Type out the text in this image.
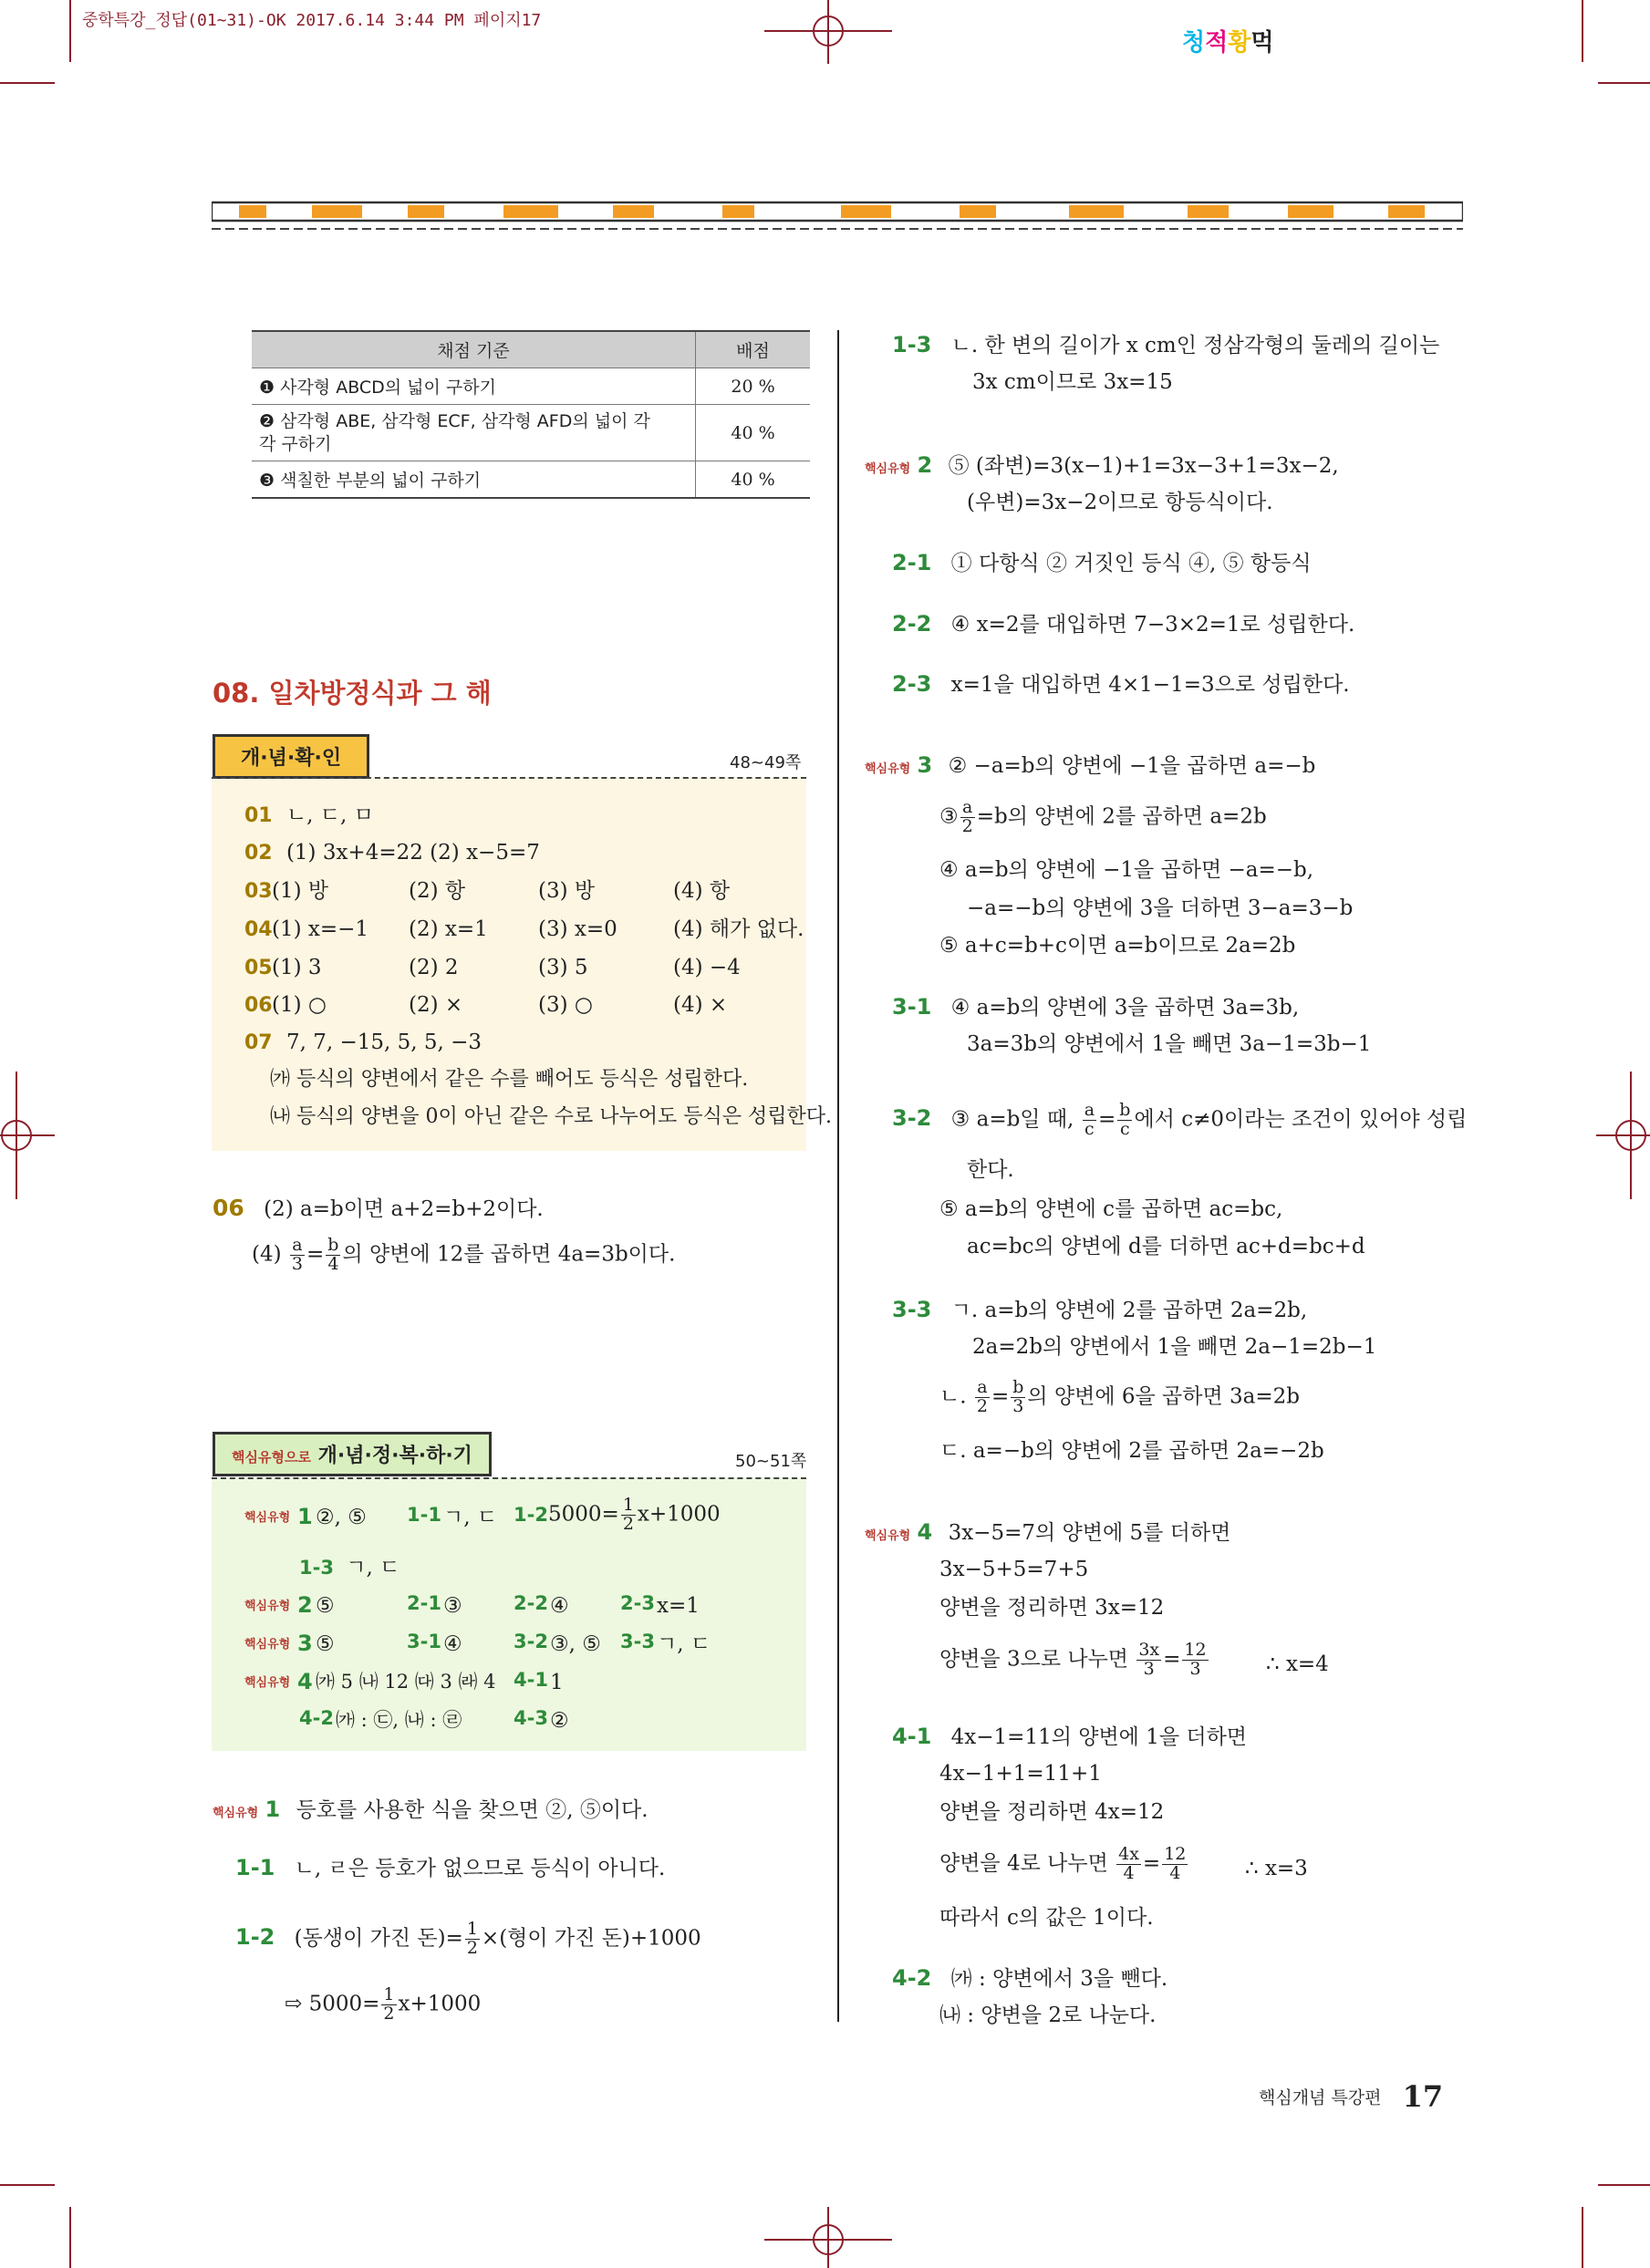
중학특강_정답(01~31)-OK 2017.6.14 3:44 PM 페이지17
청적황먹
채점 기준	배점
❶ 사각형 ABCD의 넓이 구하기	20 %
❷ 삼각형 ABE, 삼각형 ECF, 삼각형 AFD의 넓이 각
각 구하기	40 %
❸ 색칠한 부분의 넓이 구하기	40 %
08. 일차방정식과 그 해
개·념·확·인	48~49쪽
01 ㄴ, ㄷ, ㅁ
02 (1) 3x+4=22 (2) x−5=7
03 (1) 방	(2) 항	(3) 방	(4) 항
04 (1) x=−1 (2) x=1 (3) x=0	(4) 해가 없다.
05 (1) 3	(2) 2	(3) 5	(4) −4
06 (1) ○	(2) ×	(3) ○	(4) ×
07 7, 7, −15, 5, 5, −3
㈎ 등식의 양변에서 같은 수를 빼어도 등식은 성립한다.
㈏ 등식의 양변을 0이 아닌 같은 수로 나누어도 등식은 성립한다.
06 (2) a=b이면 a+2=b+2이다.
$(4) \frac{a}{3} = \frac{b}{4}$ 의 양변에 12를 곱하면 4a=3b이다.
핵심유형으로 개·념·정·복·하·기	50~51쪽
핵심유형 1 ②, ⑤ 1-1 ㄱ, ㄷ 1-2 $5000= \frac{1}{2} x+1000$
1-3 ㄱ, ㄷ
핵심유형 2 ⑤	2-1 ③	2-2 ④	2-3 x=1
핵심유형 3 ⑤	3-1 ④	3-2 ③, ⑤ 3-3 ㄱ, ㄷ
핵심유형 4 ㈎ 5 ㈏ 12 ㈐ 3 ㈑ 4 4-1 1
4-2 ㈎ : ㉢, ㈏ : ㉣	4-3 ②
핵심유형 1 등호를 사용한 식을 찾으면 ②, ⑤이다.
1-1 ㄴ, ㄹ은 등호가 없으므로 등식이 아니다.
1-2 (동생이 가진 돈)= $\frac{1}{2}$ ×(형이 가진 돈)+1000
⇨ $5000= \frac{1}{2} x+1000$
1-3 ㄴ. 한 변의 길이가 x cm인 정삼각형의 둘레의 길이는
3x cm이므로 3x=15
핵심유형 2 ⑤ (좌변)=3(x−1)+1=3x−3+1=3x−2,
(우변)=3x−2이므로 항등식이다.
2-1 ① 다항식 ② 거짓인 등식 ④, ⑤ 항등식
2-2 ④ x=2를 대입하면 7−3×2=1로 성립한다.
2-3 x=1을 대입하면 4×1−1=3으로 성립한다.
핵심유형 3 ② −a=b의 양변에 −1을 곱하면 a=−b
③ $\frac{a}{2} =b$의 양변에 2를 곱하면 a=2b
④ a=b의 양변에 −1을 곱하면 −a=−b,
−a=−b의 양변에 3을 더하면 3−a=3−b
⑤ a+c=b+c이면 a=b이므로 2a=2b
3-1 ④ a=b의 양변에 3을 곱하면 3a=3b,
3a=3b의 양변에서 1을 빼면 3a−1=3b−1
3-2 ③ a=b일 때, $\frac{a}{c} = \frac{b}{c}$ 에서 c≠0이라는 조건이 있어야 성립
한다.
⑤ a=b의 양변에 c를 곱하면 ac=bc,
ac=bc의 양변에 d를 더하면 ac+d=bc+d
3-3 ㄱ. a=b의 양변에 2를 곱하면 2a=2b,
2a=2b의 양변에서 1을 빼면 2a−1=2b−1
ㄴ. $\frac{a}{2} = \frac{b}{3}$ 의 양변에 6을 곱하면 3a=2b
ㄷ. a=−b의 양변에 2를 곱하면 2a=−2b
핵심유형 4 3x−5=7의 양변에 5를 더하면
3x−5+5=7+5
양변을 정리하면 3x=12
양변을 3으로 나누면 $\frac{3x}{3} = \frac{12}{3}$	∴ x=4
4-1 4x−1=11의 양변에 1을 더하면
4x−1+1=11+1
양변을 정리하면 4x=12
양변을 4로 나누면 $\frac{4x}{4} = \frac{12}{4}$	∴ x=3
따라서 c의 값은 1이다.
4-2 ㈎ : 양변에서 3을 뺀다.
㈏ : 양변을 2로 나눈다.
핵심개념 특강편 17
